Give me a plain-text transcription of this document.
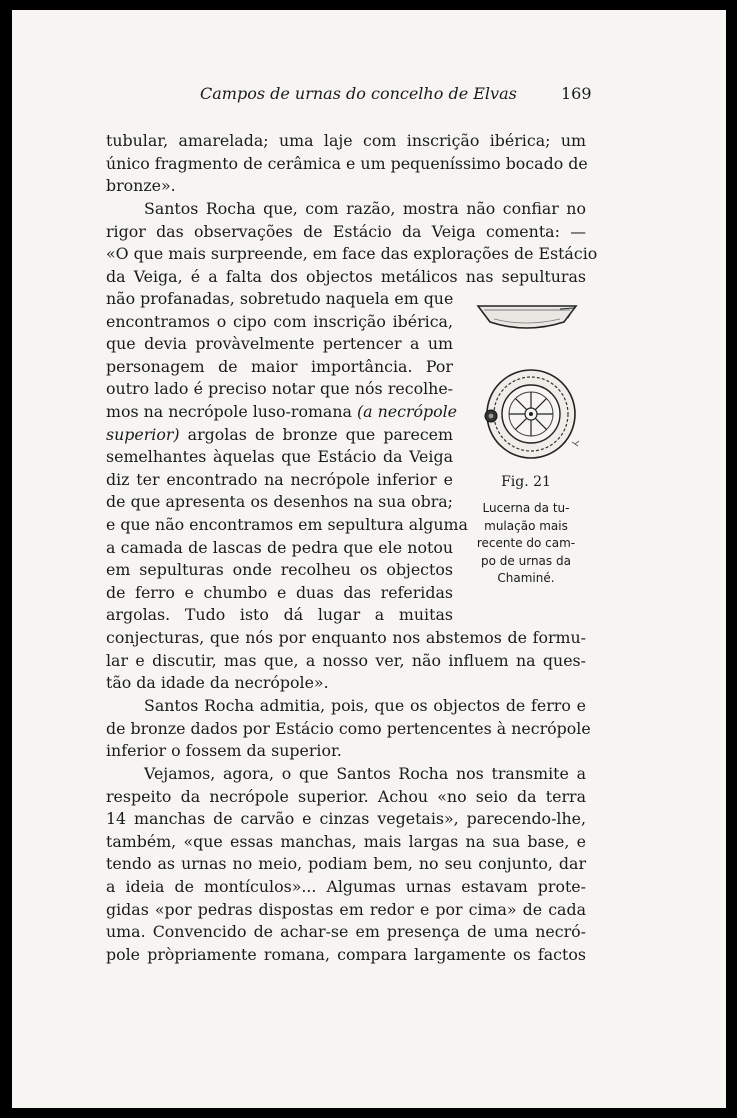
Campos de urnas do concelho de Elvas	169
tubular, amarelada; uma laje com inscrição ibérica; um
único fragmento de cerâmica e um pequeníssimo bocado de
bronze».
Santos Rocha que, com razão, mostra não confiar no
rigor das observações de Estácio da Veiga comenta: —
«O que mais surpreende, em face das explorações de Estácio
da Veiga, é a falta dos objectos metálicos nas sepulturas
não profanadas, sobretudo naquela em que
encontramos o cipo com inscrição ibérica,
que devia provàvelmente pertencer a um
personagem de maior importância. Por
outro lado é preciso notar que nós recolhe-
mos na necrópole luso-romana (a necrópole
superior) argolas de bronze que parecem
semelhantes àquelas que Estácio da Veiga
diz ter encontrado na necrópole inferior e
de que apresenta os desenhos na sua obra;
e que não encontramos em sepultura alguma
a camada de lascas de pedra que ele notou
em sepulturas onde recolheu os objectos
de ferro e chumbo e duas das referidas
argolas. Tudo isto dá lugar a muitas
conjecturas, que nós por enquanto nos abstemos de formu-
lar e discutir, mas que, a nosso ver, não influem na ques-
tão da idade da necrópole».
Santos Rocha admitia, pois, que os objectos de ferro e
de bronze dados por Estácio como pertencentes à necrópole
inferior o fossem da superior.
Vejamos, agora, o que Santos Rocha nos transmite a
respeito da necrópole superior. Achou «no seio da terra
14 manchas de carvão e cinzas vegetais», parecendo-lhe,
também, «que essas manchas, mais largas na sua base, e
tendo as urnas no meio, podiam bem, no seu conjunto, dar
a ideia de montículos»... Algumas urnas estavam prote-
gidas «por pedras dispostas em redor e por cima» de cada
uma. Convencido de achar-se em presença de uma necró-
pole pròpriamente romana, compara largamente os factos
Fig. 21
Lucerna da tu-
mulação mais
recente do cam-
po de urnas da
Chaminé.
